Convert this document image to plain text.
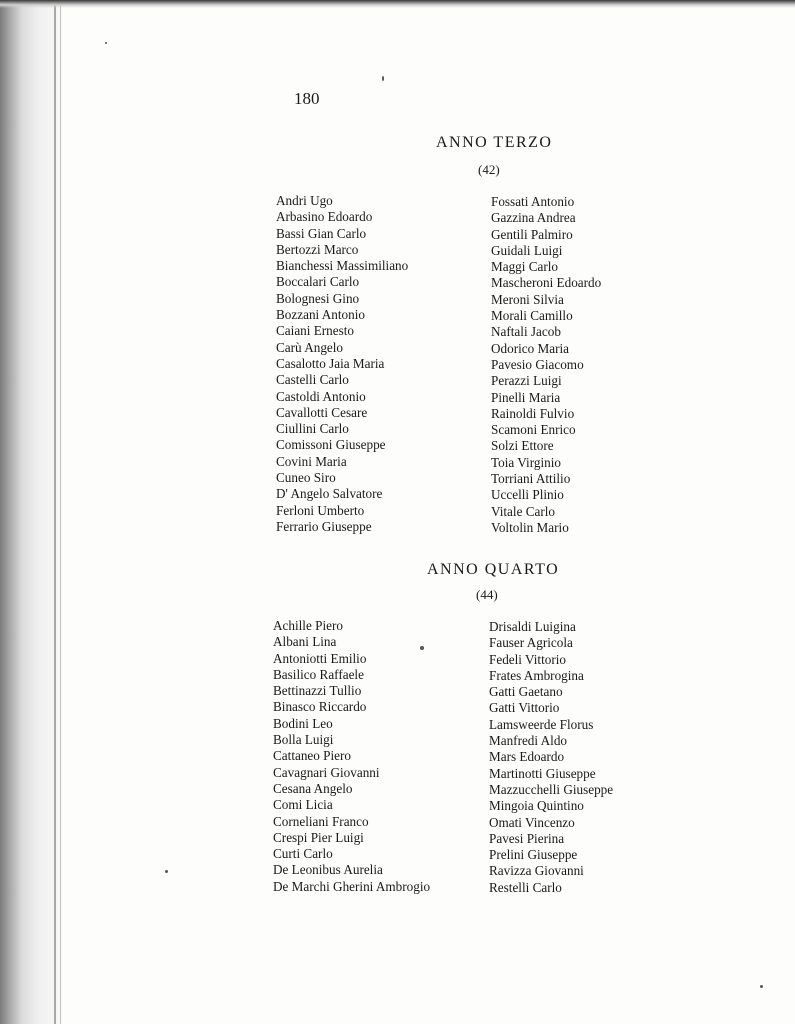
180
ANNO TERZO
(42)
Andri Ugo
Arbasino Edoardo
Bassi Gian Carlo
Bertozzi Marco
Bianchessi Massimiliano
Boccalari Carlo
Bolognesi Gino
Bozzani Antonio
Caiani Ernesto
Carù Angelo
Casalotto Jaia Maria
Castelli Carlo
Castoldi Antonio
Cavallotti Cesare
Ciullini Carlo
Comissoni Giuseppe
Covini Maria
Cuneo Siro
D' Angelo Salvatore
Ferloni Umberto
Ferrario Giuseppe
Fossati Antonio
Gazzina Andrea
Gentili Palmiro
Guidali Luigi
Maggi Carlo
Mascheroni Edoardo
Meroni Silvia
Morali Camillo
Naftali Jacob
Odorico Maria
Pavesio Giacomo
Perazzi Luigi
Pinelli Maria
Rainoldi Fulvio
Scamoni Enrico
Solzi Ettore
Toia Virginio
Torriani Attilio
Uccelli Plinio
Vitale Carlo
Voltolin Mario
ANNO QUARTO
(44)
Achille Piero
Albani Lina
Antoniotti Emilio
Basilico Raffaele
Bettinazzi Tullio
Binasco Riccardo
Bodini Leo
Bolla Luigi
Cattaneo Piero
Cavagnari Giovanni
Cesana Angelo
Comi Licia
Corneliani Franco
Crespi Pier Luigi
Curti Carlo
De Leonibus Aurelia
De Marchi Gherini Ambrogio
Drisaldi Luigina
Fauser Agricola
Fedeli Vittorio
Frates Ambrogina
Gatti Gaetano
Gatti Vittorio
Lamsweerde Florus
Manfredi Aldo
Mars Edoardo
Martinotti Giuseppe
Mazzucchelli Giuseppe
Mingoia Quintino
Omati Vincenzo
Pavesi Pierina
Prelini Giuseppe
Ravizza Giovanni
Restelli Carlo
